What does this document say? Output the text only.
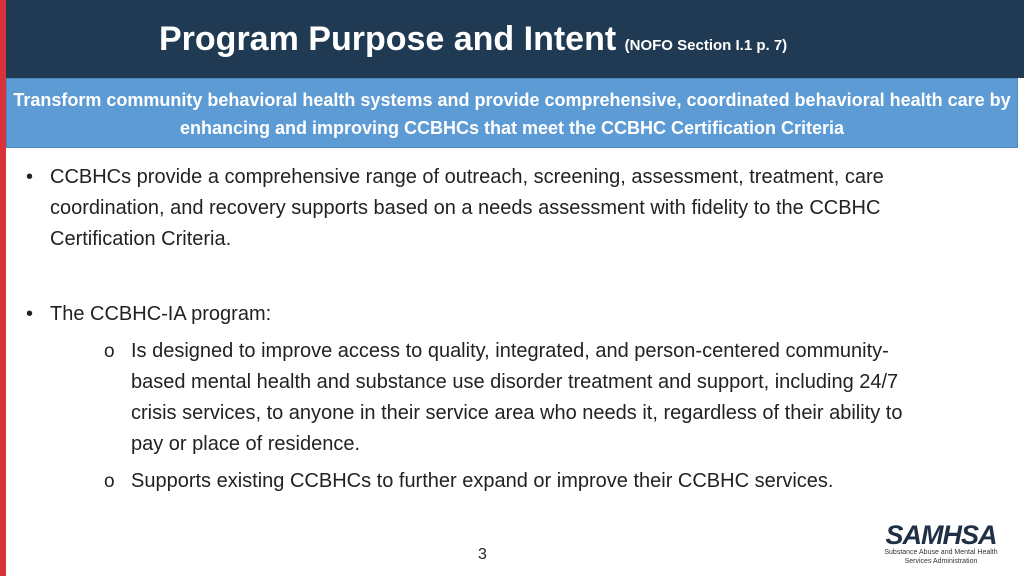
Program Purpose and Intent (NOFO Section I.1 p. 7)
Transform community behavioral health systems and provide comprehensive, coordinated behavioral health care by enhancing and improving CCBHCs that meet the CCBHC Certification Criteria
• CCBHCs provide a comprehensive range of outreach, screening, assessment, treatment, care coordination, and recovery supports based on a needs assessment with fidelity to the CCBHC Certification Criteria.
• The CCBHC-IA program:
o Is designed to improve access to quality, integrated, and person-centered community-based mental health and substance use disorder treatment and support, including 24/7 crisis services, to anyone in their service area who needs it, regardless of their ability to pay or place of residence.
o Supports existing CCBHCs to further expand or improve their CCBHC services.
3
SAMHSA
Substance Abuse and Mental Health Services Administration
